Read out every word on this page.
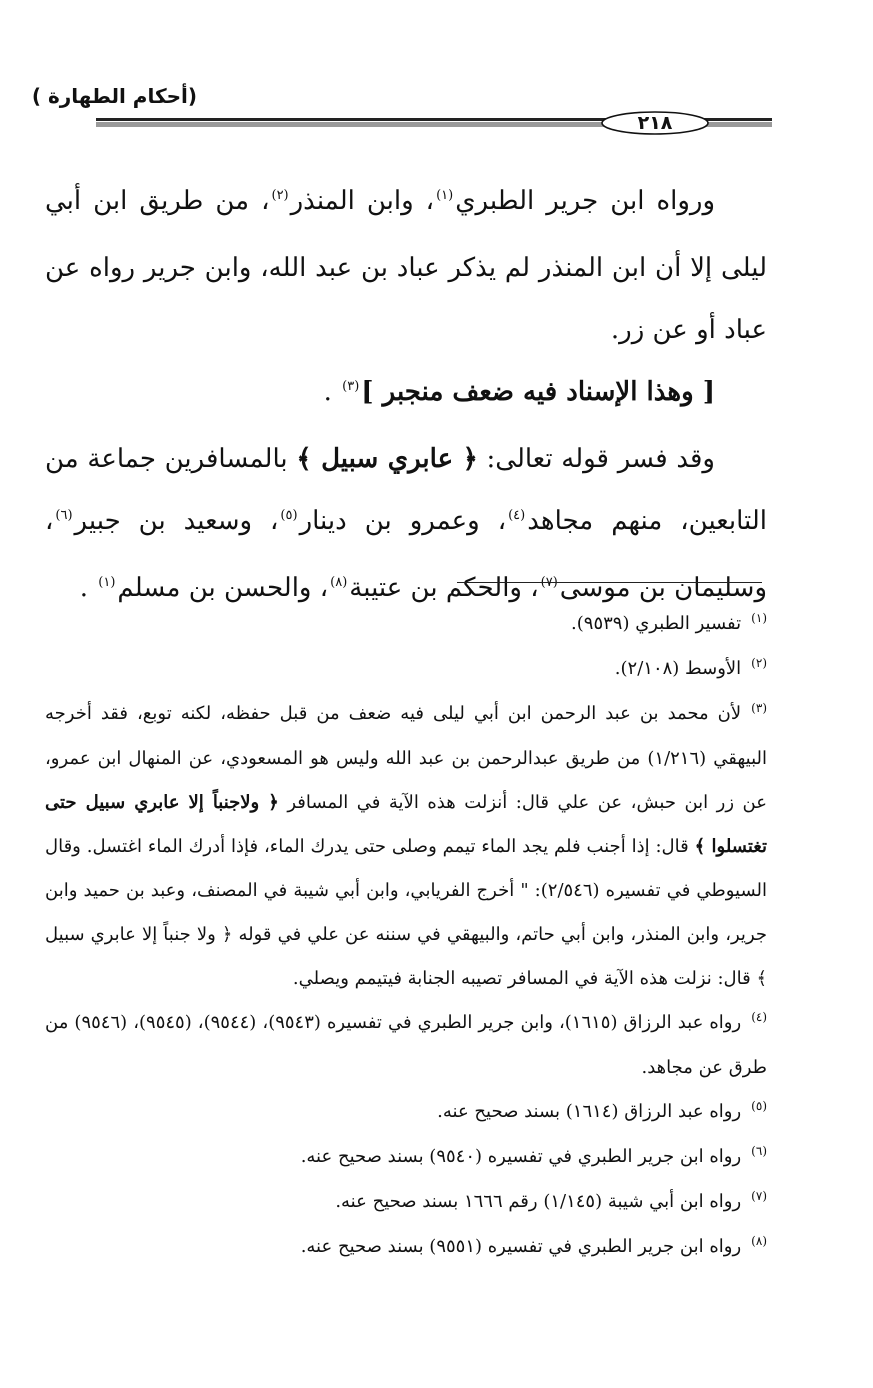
(أحكام الطهارة )
٢١٨

ورواه ابن جرير الطبري$^{(١)}$، وابن المنذر$^{(٢)}$، من طريق ابن أبي ليلى إلا أن ابن المنذر لم يذكر عباد بن عبد الله، وابن جرير رواه عن عباد أو عن زر.

[ وهذا الإسناد فيه ضعف منجبر ]$^{(٣)}$ .

وقد فسر قوله تعالى: ﴿ عابري سبيل ﴾ بالمسافرين جماعة من التابعين، منهم مجاهد$^{(٤)}$، وعمرو بن دينار$^{(٥)}$، وسعيد بن جبير$^{(٦)}$، وسليمان بن موسى$^{(٧)}$، والحكم بن عتيبة$^{(٨)}$، والحسن بن مسلم$^{(١)}$ .

$^{(١)}$تفسير الطبري (٩٥٣٩).

$^{(٢)}$الأوسط (٢/١٠٨).

$^{(٣)}$لأن محمد بن عبد الرحمن ابن أبي ليلى فيه ضعف من قبل حفظه، لكنه توبع، فقد أخرجه البيهقي (١/٢١٦) من طريق عبدالرحمن بن عبد الله وليس هو المسعودي، عن المنهال ابن عمرو، عن زر ابن حبش، عن علي قال: أنزلت هذه الآية في المسافر ﴿ ولاجنباً إلا عابري سبيل حتى تغتسلوا ﴾ قال: إذا أجنب فلم يجد الماء تيمم وصلى حتى يدرك الماء، فإذا أدرك الماء اغتسل. وقال السيوطي في تفسيره (٢/٥٤٦): " أخرج الفريابي، وابن أبي شيبة في المصنف، وعبد بن حميد وابن جرير، وابن المنذر، وابن أبي حاتم، والبيهقي في سننه عن علي في قوله ﴿ ولا جنباً إلا عابري سبيل ﴾ قال: نزلت هذه الآية في المسافر تصيبه الجنابة فيتيمم ويصلي.

$^{(٤)}$رواه عبد الرزاق (١٦١٥)، وابن جرير الطبري في تفسيره (٩٥٤٣)، (٩٥٤٤)، (٩٥٤٥)، (٩٥٤٦) من طرق عن مجاهد.

$^{(٥)}$رواه عبد الرزاق (١٦١٤) بسند صحيح عنه.

$^{(٦)}$رواه ابن جرير الطبري في تفسيره (٩٥٤٠) بسند صحيح عنه.

$^{(٧)}$رواه ابن أبي شيبة (١/١٤٥) رقم ١٦٦٦ بسند صحيح عنه.

$^{(٨)}$رواه ابن جرير الطبري في تفسيره (٩٥٥١) بسند صحيح عنه.
